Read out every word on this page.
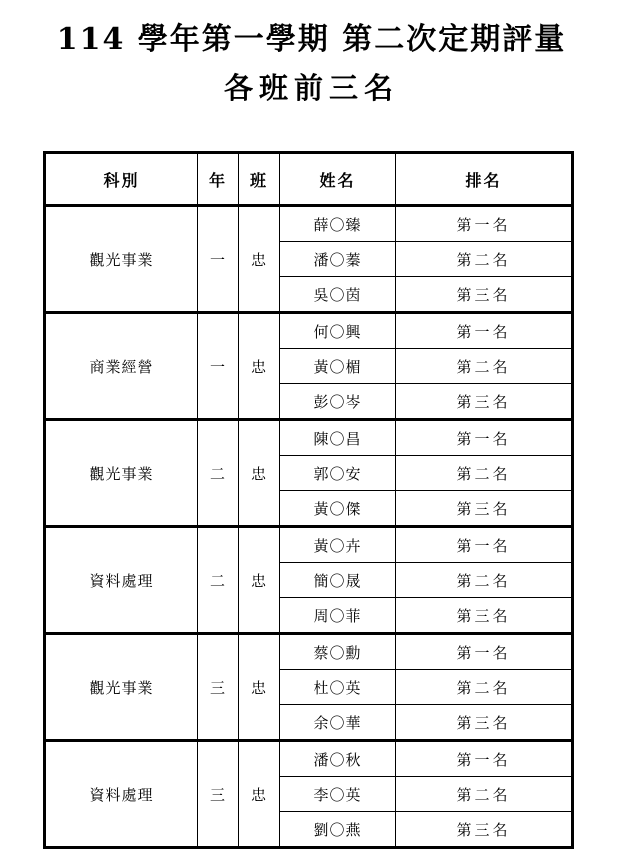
114 學年第一學期 第二次定期評量
各班前三名
科別	年	班	姓名	排名
觀光事業	一	忠	薛〇臻	第一名
			潘〇蓁	第二名
			吳〇茵	第三名
商業經營	一	忠	何〇興	第一名
			黃〇楣	第二名
			彭〇岑	第三名
觀光事業	二	忠	陳〇昌	第一名
			郭〇安	第二名
			黃〇傑	第三名
資料處理	二	忠	黃〇卉	第一名
			簡〇晟	第二名
			周〇菲	第三名
觀光事業	三	忠	蔡〇勳	第一名
			杜〇英	第二名
			余〇華	第三名
資料處理	三	忠	潘〇秋	第一名
			李〇英	第二名
			劉〇燕	第三名
